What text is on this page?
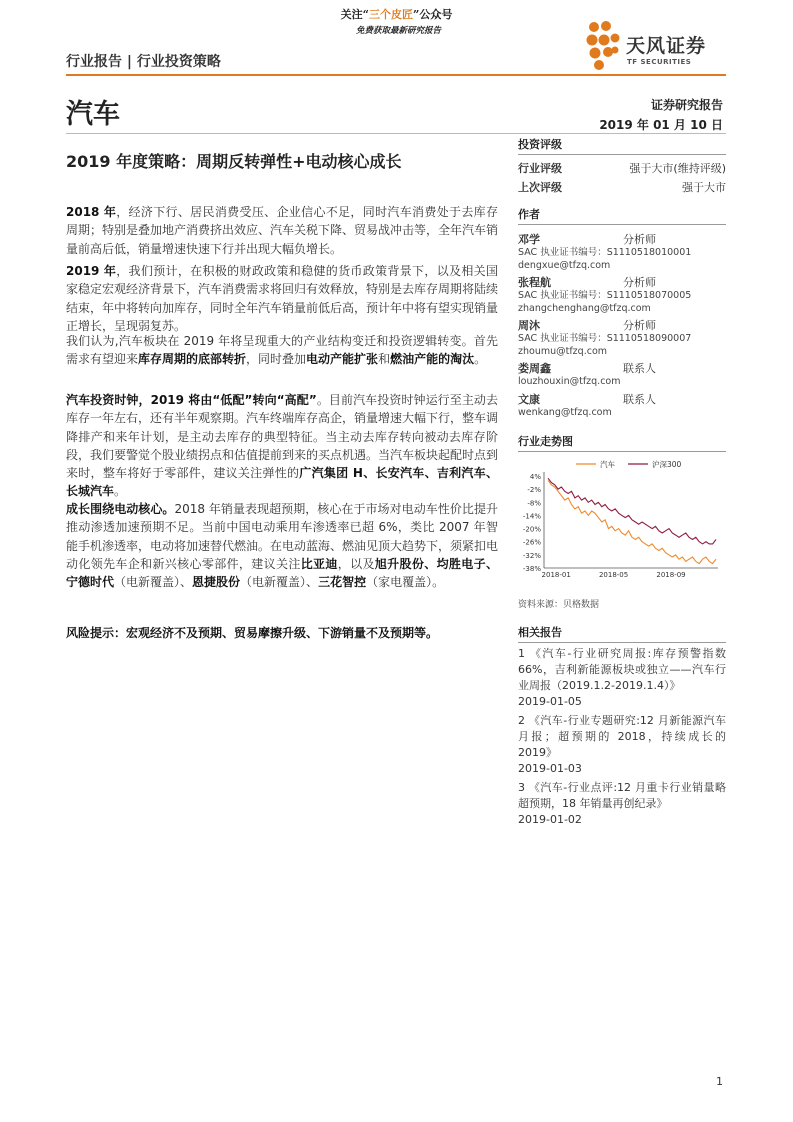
关注“三个皮匠”公众号
免费获取最新研究报告
行业报告 | 行业投资策略
天风证券
TF SECURITIES
汽车	证券研究报告
2019 年 01 月 10 日
2019 年度策略：周期反转弹性+电动核心成长
2018 年，经济下行、居民消费受压、企业信心不足，同时汽车消费处于去库存周期；特别是叠加地产消费挤出效应、汽车关税下降、贸易战冲击等，全年汽车销量前高后低，销量增速快速下行并出现大幅负增长。
2019 年，我们预计，在积极的财政政策和稳健的货币政策背景下，以及相关国家稳定宏观经济背景下，汽车消费需求将回归有效释放，特别是去库存周期将陆续结束，年中将转向加库存，同时全年汽车销量前低后高，预计年中将有望实现销量正增长，呈现弱复苏。
我们认为,汽车板块在 2019 年将呈现重大的产业结构变迁和投资逻辑转变。首先需求有望迎来库存周期的底部转折，同时叠加电动产能扩张和燃油产能的淘汰。
汽车投资时钟，2019 将由“低配”转向“高配”。目前汽车投资时钟运行至主动去库存一年左右，还有半年观察期。汽车终端库存高企，销量增速大幅下行，整车调降排产和来年计划，是主动去库存的典型特征。当主动去库存转向被动去库存阶段，我们要警觉个股业绩拐点和估值提前到来的买点机遇。当汽车板块起配时点到来时，整车将好于零部件，建议关注弹性的广汽集团 H、长安汽车、吉利汽车、长城汽车。
成长围绕电动核心。2018 年销量表现超预期，核心在于市场对电动车性价比提升推动渗透加速预期不足。当前中国电动乘用车渗透率已超 6%，类比 2007 年智能手机渗透率，电动将加速替代燃油。在电动蓝海、燃油见顶大趋势下，须紧扣电动化领先车企和新兴核心零部件，建议关注比亚迪，以及旭升股份、均胜电子、宁德时代（电新覆盖）、恩捷股份（电新覆盖）、三花智控（家电覆盖）。
风险提示：宏观经济不及预期、贸易摩擦升级、下游销量不及预期等。
投资评级
行业评级	强于大市(维持评级)
上次评级	强于大市
作者
邓学	分析师
SAC 执业证书编号：S1110518010001
dengxue@tfzq.com
张程航	分析师
SAC 执业证书编号：S1110518070005
zhangchenghang@tfzq.com
周沐	分析师
SAC 执业证书编号：S1110518090007
zhoumu@tfzq.com
娄周鑫	联系人
louzhouxin@tfzq.com
文康	联系人
wenkang@tfzq.com
行业走势图
4%
-2%
-8%
-14%
-20%
-26%
-32%
-38%
2018-01	2018-05	2018-09
汽车	沪深300
资料来源：贝格数据
相关报告
1 《汽车-行业研究周报:库存预警指数66%，吉利新能源板块或独立——汽车行业周报（2019.1.2-2019.1.4）》
2019-01-05
2 《汽车-行业专题研究:12 月新能源汽车月报；超预期的 2018，持续成长的 2019》
2019-01-03
3 《汽车-行业点评:12 月重卡行业销量略超预期，18 年销量再创纪录》
2019-01-02
1
